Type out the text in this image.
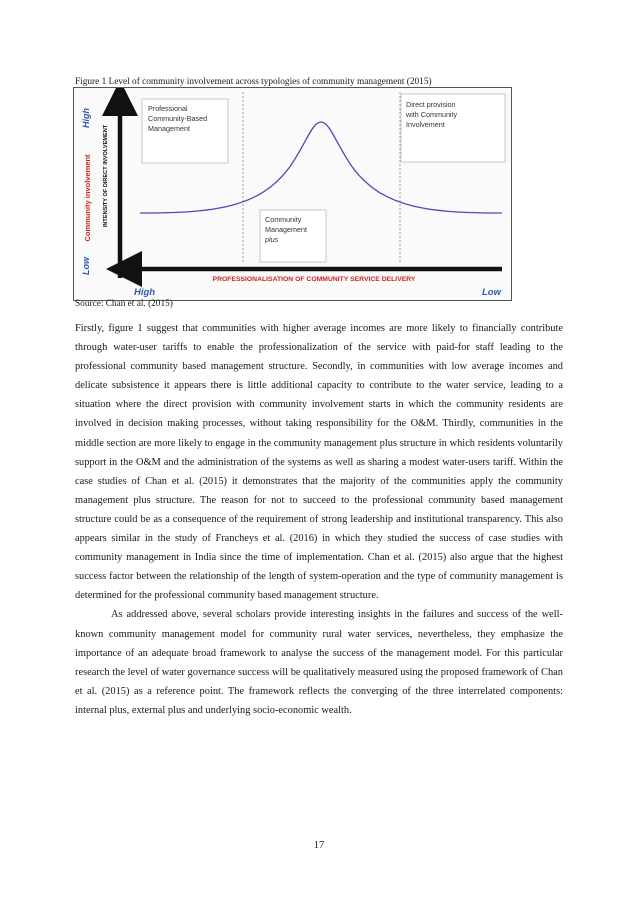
Figure 1 Level of community involvement across typologies of community management (2015)
High
Community involvement
Low
INTENSITY OF DIRECT INVOLVEMENT
Professional
Community-Based
Management
Direct provision
with Community
Involvement
Community
Management
plus
PROFESSIONALISATION OF COMMUNITY SERVICE DELIVERY
High	Low
Source: Chan et al. (2015)

Firstly, figure 1 suggest that communities with higher average incomes are more likely to financially contribute through water-user tariffs to enable the professionalization of the service with paid-for staff leading to the professional community based management structure. Secondly, in communities with low average incomes and delicate subsistence it appears there is little additional capacity to contribute to the water service, leading to a situation where the direct provision with community involvement starts in which the community residents are involved in decision making processes, without taking responsibility for the O&M. Thirdly, communities in the middle section are more likely to engage in the community management plus structure in which residents voluntarily support in the O&M and the administration of the systems as well as sharing a modest water-users tariff. Within the case studies of Chan et al. (2015) it demonstrates that the majority of the communities apply the community management plus structure. The reason for not to succeed to the professional community based management structure could be as a consequence of the requirement of strong leadership and institutional transparency. This also appears similar in the study of Francheys et al. (2016) in which they studied the success of case studies with community management in India since the time of implementation. Chan et al. (2015) also argue that the highest success factor between the relationship of the length of system-operation and the type of community management is determined for the professional community based management structure.

As addressed above, several scholars provide interesting insights in the failures and success of the well-known community management model for community rural water services, nevertheless, they emphasize the importance of an adequate broad framework to analyse the success of the management model. For this particular research the level of water governance success will be qualitatively measured using the proposed framework of Chan et al. (2015) as a reference point. The framework reflects the converging of the three interrelated components: internal plus, external plus and underlying socio-economic wealth.

17
